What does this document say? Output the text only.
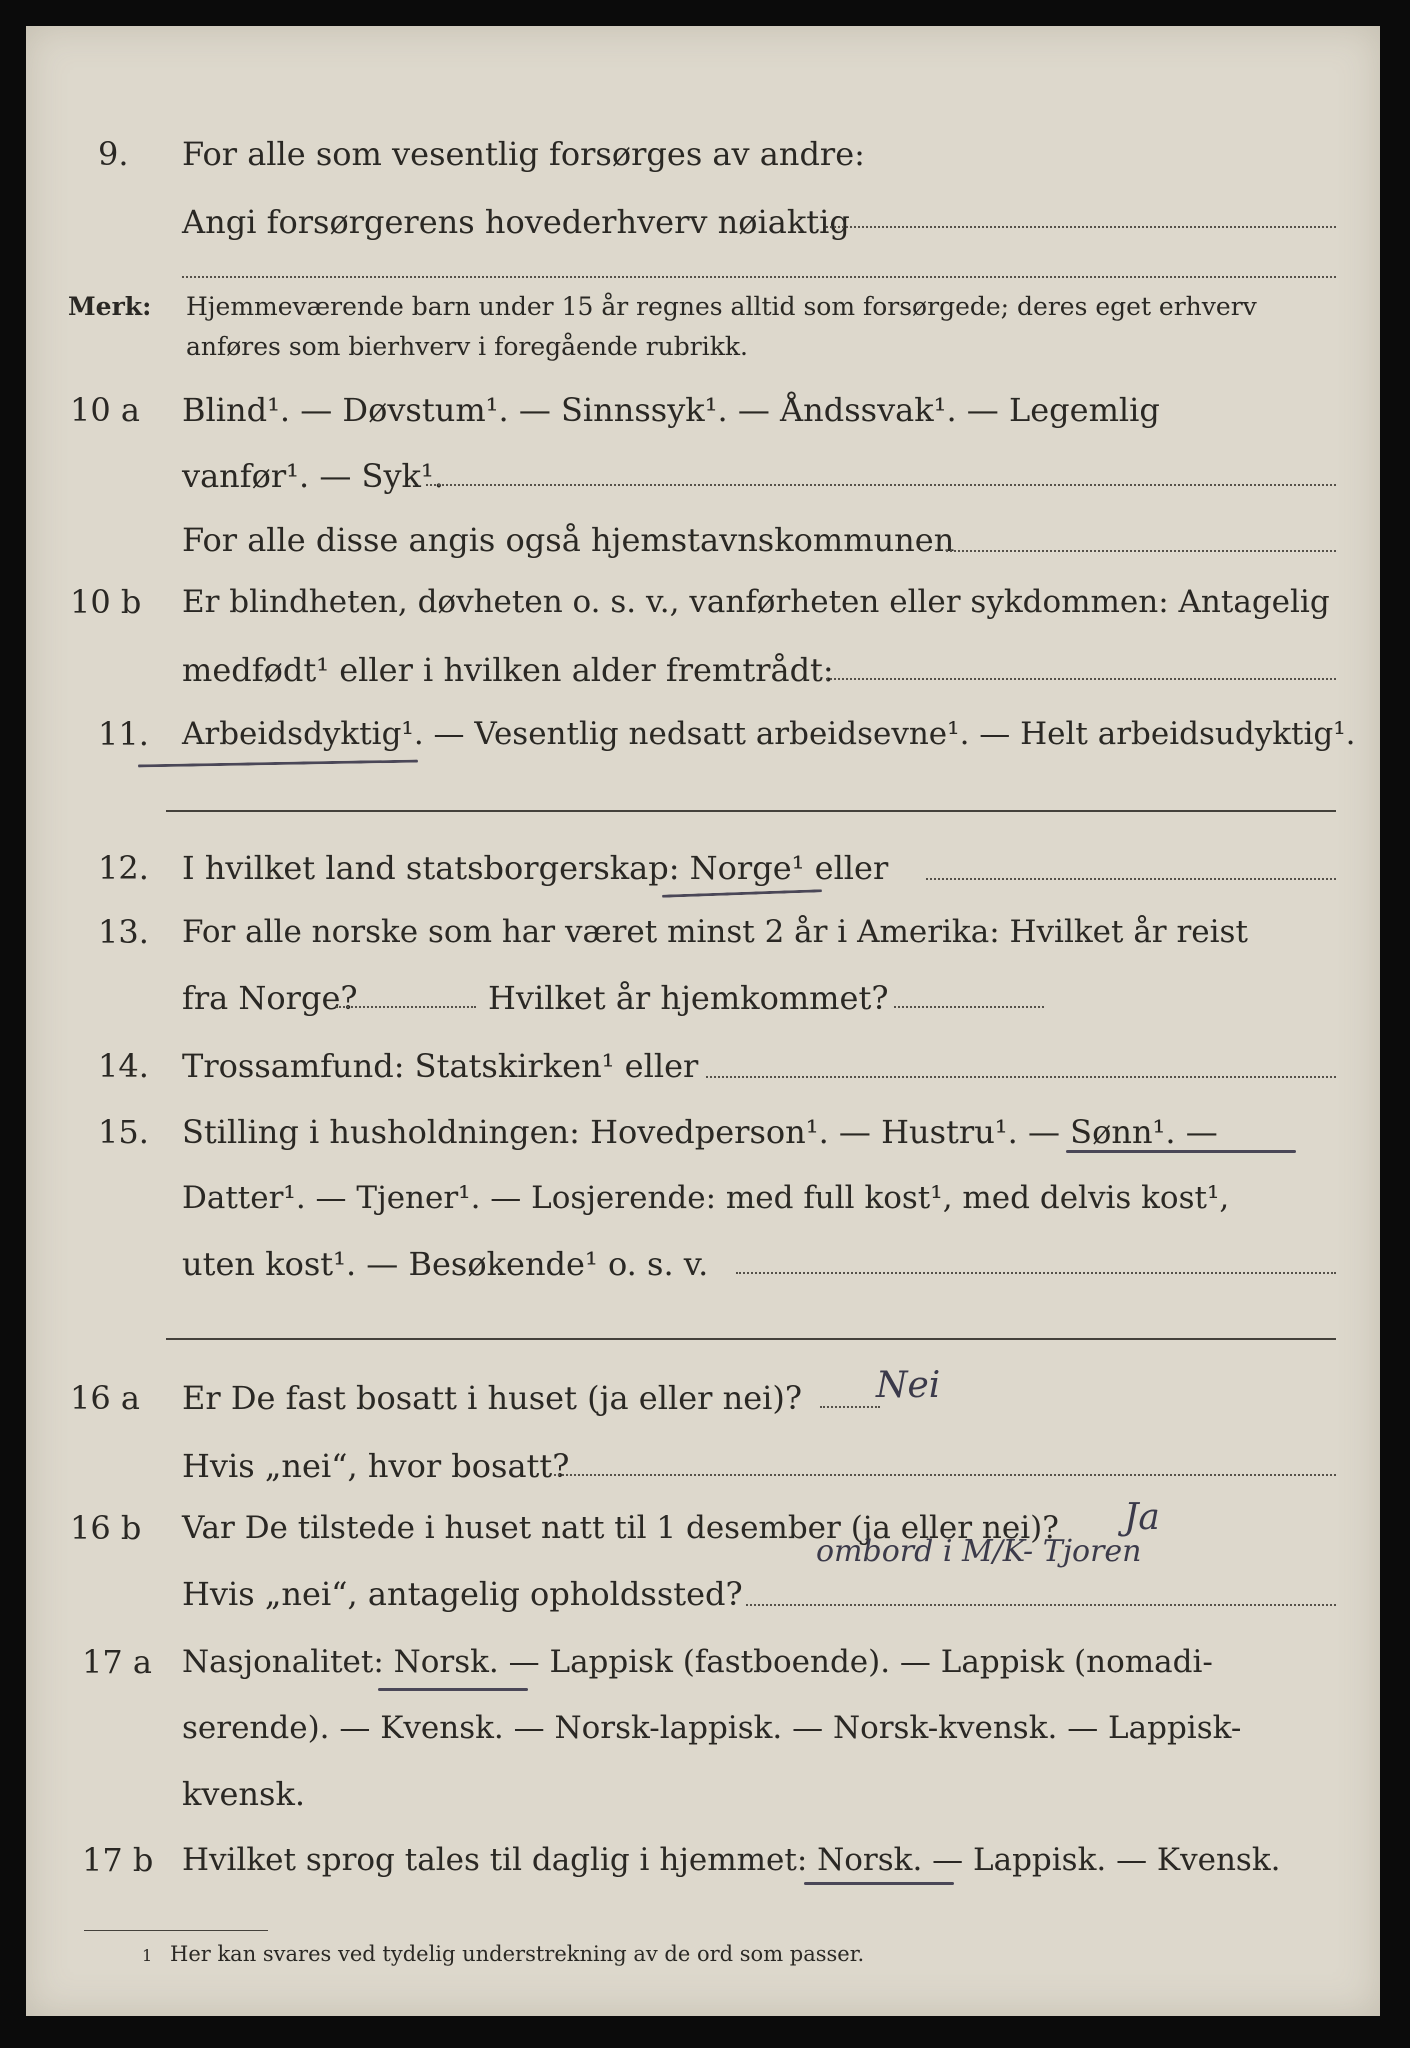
9. For alle som vesentlig forsørges av andre:
Angi forsørgerens hovederhverv nøiaktig
Merk: Hjemmeværende barn under 15 år regnes alltid som forsørgede; deres eget erhverv
anføres som bierhverv i foregående rubrikk.
10 a Blind¹. — Døvstum¹. — Sinnssyk¹. — Åndssvak¹. — Legemlig
vanfør¹. — Syk¹.
For alle disse angis også hjemstavnskommunen
10 b Er blindheten, døvheten o. s. v., vanførheten eller sykdommen: Antagelig
medfødt¹ eller i hvilken alder fremtrådt:
11. Arbeidsdyktig¹. — Vesentlig nedsatt arbeidsevne¹. — Helt arbeidsudyktig¹.
12. I hvilket land statsborgerskap: Norge¹ eller
13. For alle norske som har været minst 2 år i Amerika: Hvilket år reist
fra Norge?	Hvilket år hjemkommet?
14. Trossamfund: Statskirken¹ eller
15. Stilling i husholdningen: Hovedperson¹. — Hustru¹. — Sønn¹. —
Datter¹. — Tjener¹. — Losjerende: med full kost¹, med delvis kost¹,
uten kost¹. — Besøkende¹ o. s. v.
16 a Er De fast bosatt i huset (ja eller nei)? Nei
Hvis „nei“, hvor bosatt?
16 b Var De tilstede i huset natt til 1 desember (ja eller nei)? Ja
ombord i M/K- Tjoren
Hvis „nei“, antagelig opholdssted?
17 a Nasjonalitet: Norsk. — Lappisk (fastboende). — Lappisk (nomadi-
serende). — Kvensk. — Norsk-lappisk. — Norsk-kvensk. — Lappisk-
kvensk.
17 b Hvilket sprog tales til daglig i hjemmet: Norsk. — Lappisk. — Kvensk.
1 Her kan svares ved tydelig understrekning av de ord som passer.
